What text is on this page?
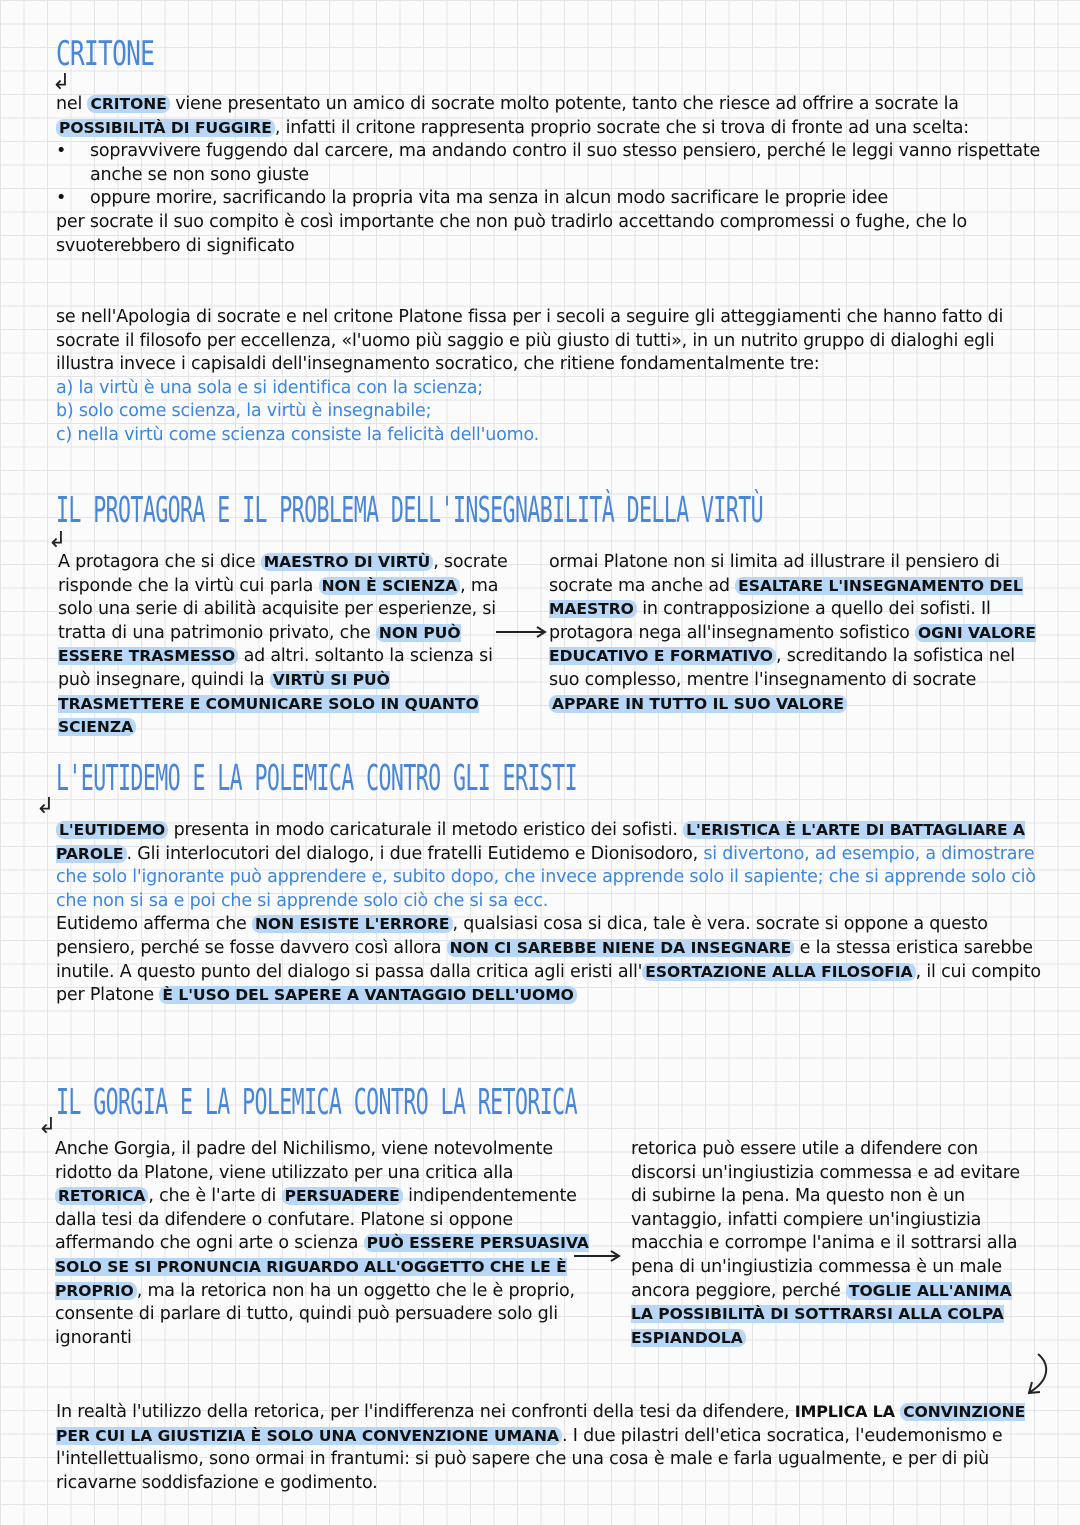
CRITONE
↲

nel CRITONE viene presentato un amico di socrate molto potente, tanto che riesce ad offrire a socrate la POSSIBILITÀ DI FUGGIRE , infatti il critone rappresenta proprio socrate che si trova di fronte ad una scelta:

•	sopravvivere fuggendo dal carcere, ma andando contro il suo stesso pensiero, perché le leggi vanno rispettate anche se non sono giuste
•	oppure morire, sacrificando la propria vita ma senza in alcun modo sacrificare le proprie idee

per socrate il suo compito è così importante che non può tradirlo accettando compromessi o fughe, che lo svuoterebbero di significato

se nell'Apologia di socrate e nel critone Platone fissa per i secoli a seguire gli atteggiamenti che hanno fatto di socrate il filosofo per eccellenza, «l'uomo più saggio e più giusto di tutti», in un nutrito gruppo di dialoghi egli illustra invece i capisaldi dell'insegnamento socratico, che ritiene fondamentalmente tre:

a) la virtù è una sola e si identifica con la scienza;

b) solo come scienza, la virtù è insegnabile;

c) nella virtù come scienza consiste la felicità dell'uomo.

IL PROTAGORA E IL PROBLEMA DELL'INSEGNABILITÀ DELLA VIRTÙ
↲

A protagora che si dice MAESTRO DI VIRTÙ , socrate risponde che la virtù cui parla NON È SCIENZA , ma solo una serie di abilità acquisite per esperienze, si tratta di una patrimonio privato, che NON PUÒ ESSERE TRASMESSO ad altri. soltanto la scienza si può insegnare, quindi la VIRTÙ SI PUÒ TRASMETTERE E COMUNICARE SOLO IN QUANTO SCIENZA

ormai Platone non si limita ad illustrare il pensiero di socrate ma anche ad ESALTARE L'INSEGNAMENTO DEL MAESTRO in contrapposizione a quello dei sofisti. Il protagora nega all'insegnamento sofistico OGNI VALORE EDUCATIVO E FORMATIVO , screditando la sofistica nel suo complesso, mentre l'insegnamento di socrate APPARE IN TUTTO IL SUO VALORE

L'EUTIDEMO E LA POLEMICA CONTRO GLI ERISTI
↲

L'EUTIDEMO presenta in modo caricaturale il metodo eristico dei sofisti. L'ERISTICA È L'ARTE DI BATTAGLIARE A PAROLE . Gli interlocutori del dialogo, i due fratelli Eutidemo e Dionisodoro, si divertono, ad esempio, a dimostrare che solo l'ignorante può apprendere e, subito dopo, che invece apprende solo il sapiente; che si apprende solo ciò che non si sa e poi che si apprende solo ciò che si sa ecc.

Eutidemo afferma che NON ESISTE L'ERRORE , qualsiasi cosa si dica, tale è vera. socrate si oppone a questo pensiero, perché se fosse davvero così allora NON CI SAREBBE NIENE DA INSEGNARE e la stessa eristica sarebbe inutile. A questo punto del dialogo si passa dalla critica agli eristi all' ESORTAZIONE ALLA FILOSOFIA , il cui compito per Platone È L'USO DEL SAPERE A VANTAGGIO DELL'UOMO

IL GORGIA E LA POLEMICA CONTRO LA RETORICA
↲

Anche Gorgia, il padre del Nichilismo, viene notevolmente ridotto da Platone, viene utilizzato per una critica alla RETORICA , che è l'arte di PERSUADERE indipendentemente dalla tesi da difendere o confutare. Platone si oppone affermando che ogni arte o scienza PUÒ ESSERE PERSUASIVA SOLO SE SI PRONUNCIA RIGUARDO ALL'OGGETTO CHE LE È PROPRIO , ma la retorica non ha un oggetto che le è proprio, consente di parlare di tutto, quindi può persuadere solo gli ignoranti

retorica può essere utile a difendere con discorsi un'ingiustizia commessa e ad evitare di subirne la pena. Ma questo non è un vantaggio, infatti compiere un'ingiustizia macchia e corrompe l'anima e il sottrarsi alla pena di un'ingiustizia commessa è un male ancora peggiore, perché TOGLIE ALL'ANIMA LA POSSIBILITÀ DI SOTTRARSI ALLA COLPA ESPIANDOLA

In realtà l'utilizzo della retorica, per l'indifferenza nei confronti della tesi da difendere, IMPLICA LA CONVINZIONE PER CUI LA GIUSTIZIA È SOLO UNA CONVENZIONE UMANA . I due pilastri dell'etica socratica, l'eudemonismo e l'intellettualismo, sono ormai in frantumi: si può sapere che una cosa è male e farla ugualmente, e per di più ricavarne soddisfazione e godimento.
